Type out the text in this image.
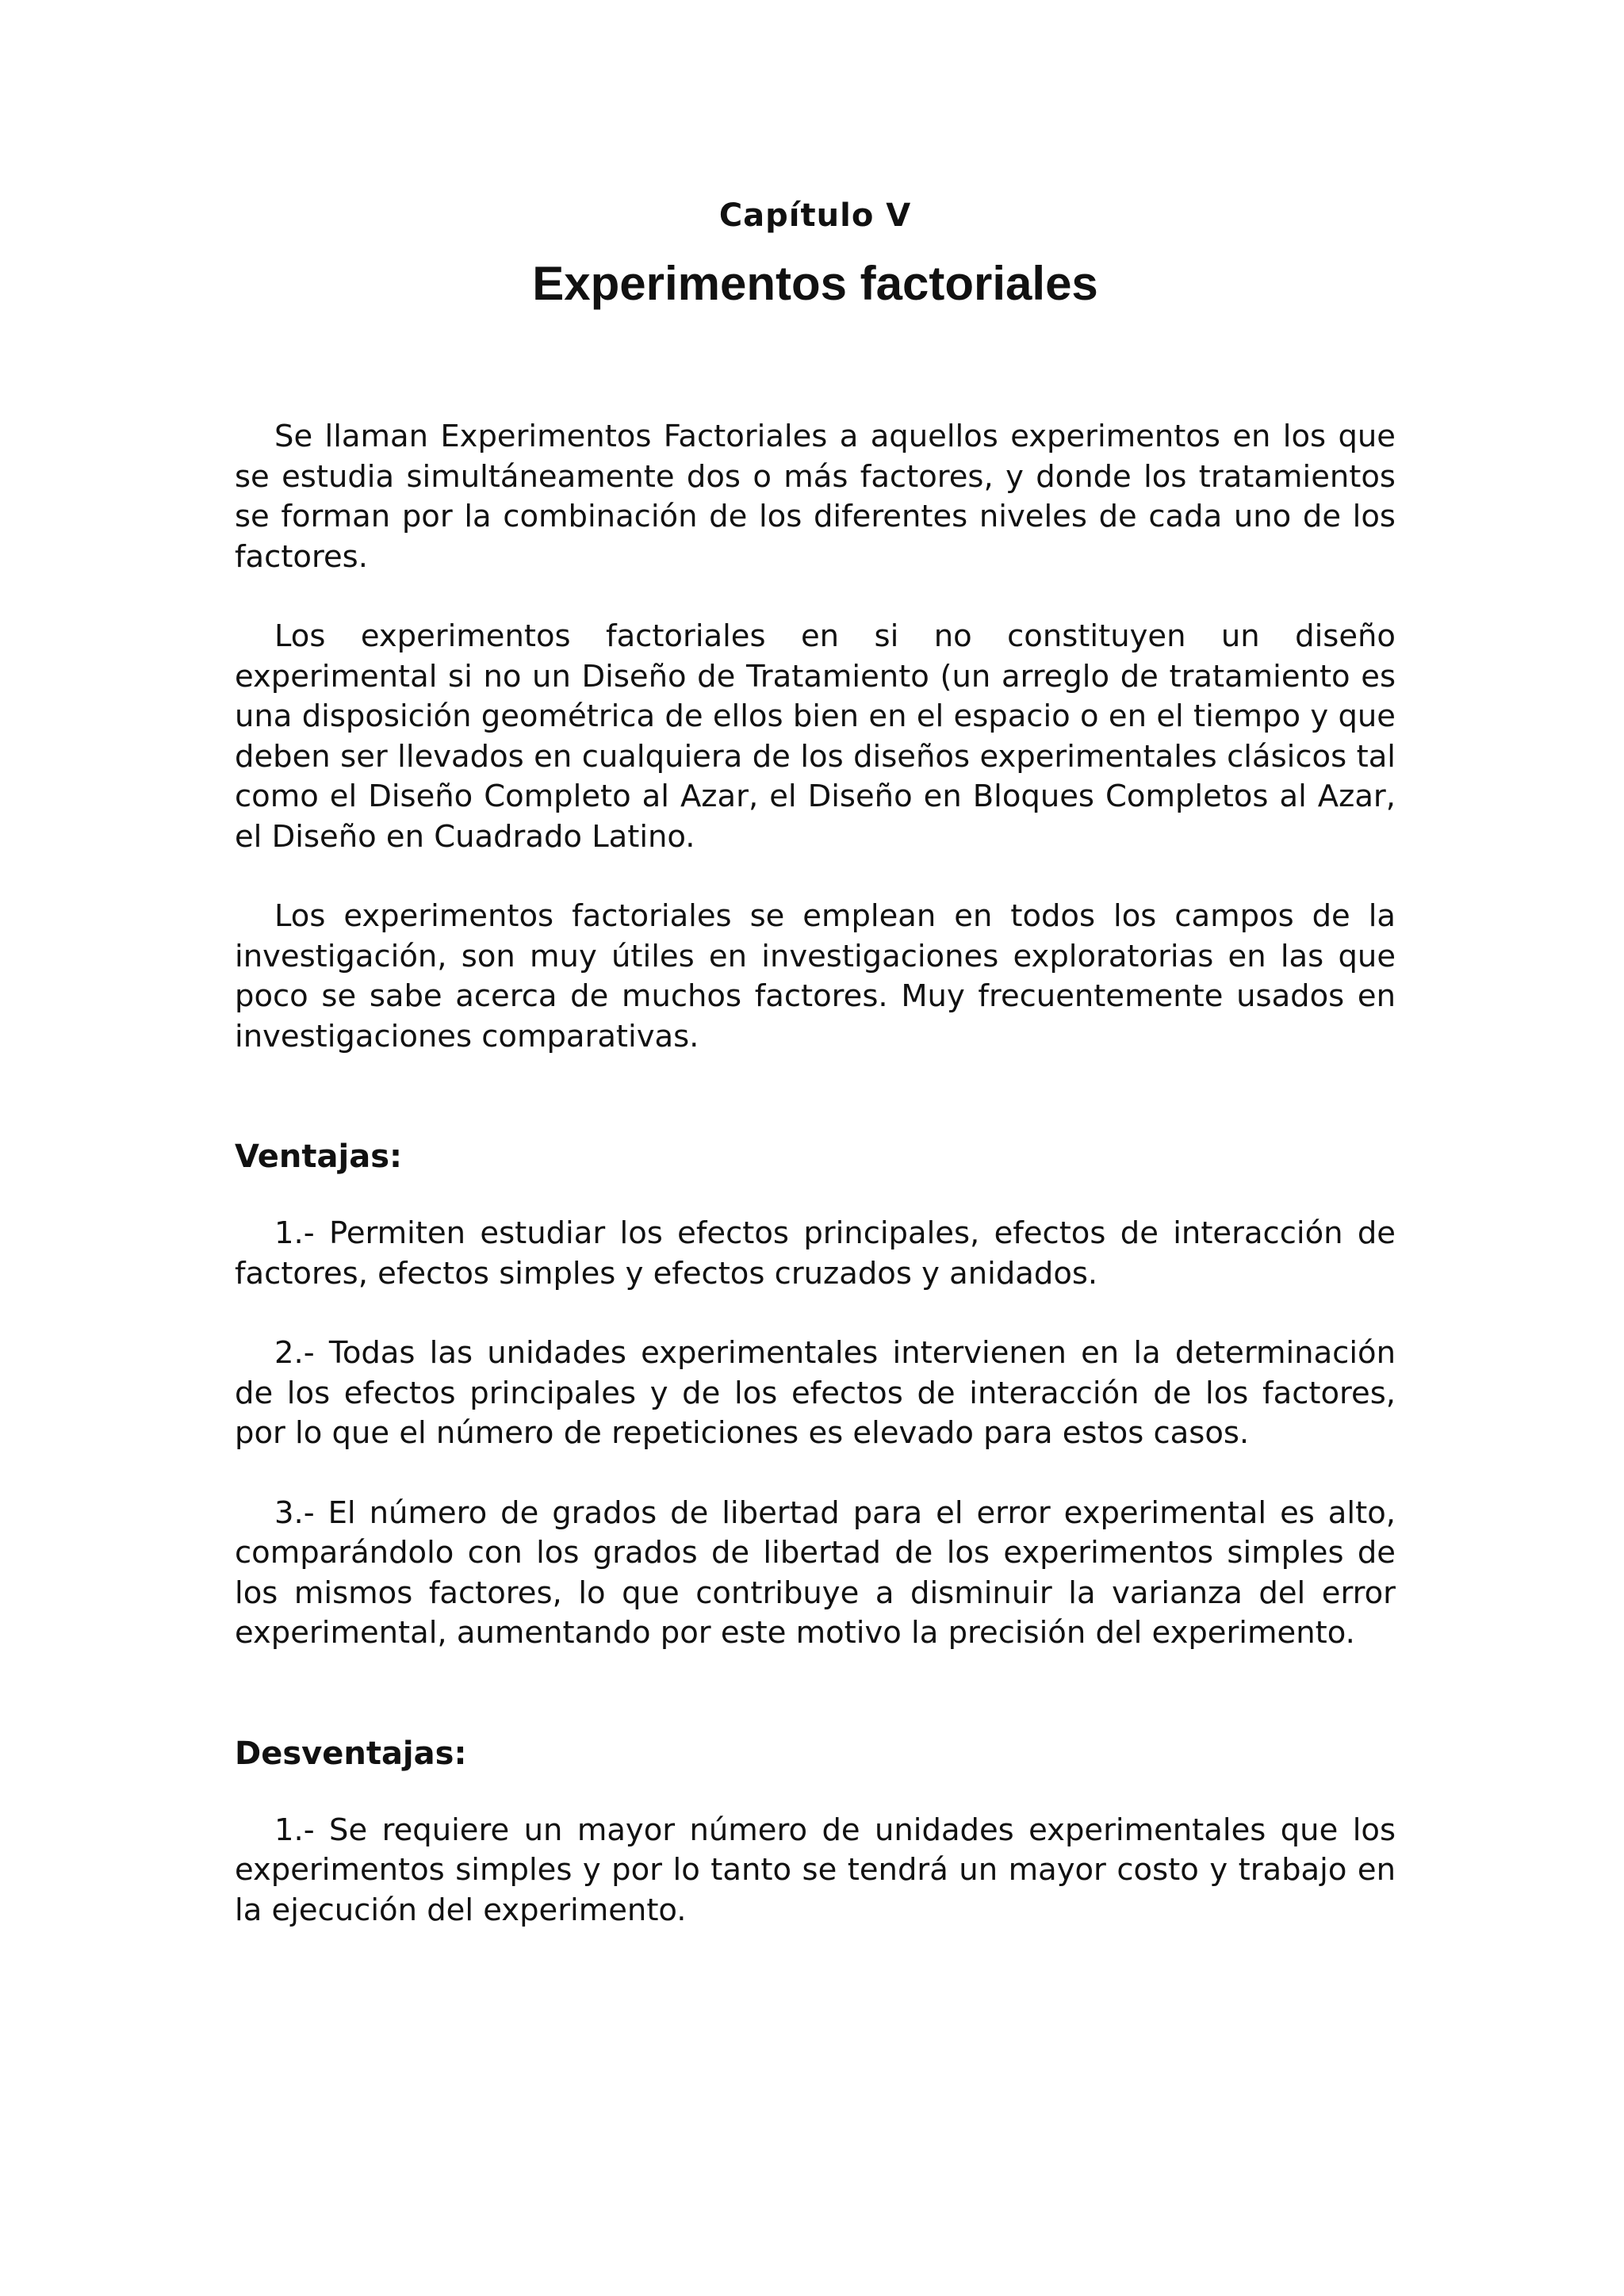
Capítulo V
Experimentos factoriales

Se llaman Experimentos Factoriales a aquellos experimentos en los que se estudia simultáneamente dos o más factores, y donde los tratamientos se forman por la combinación de los diferentes niveles de cada uno de los factores.

Los experimentos factoriales en si no constituyen un diseño experimental si no un Diseño de Tratamiento (un arreglo de tratamiento es una disposición geométrica de ellos bien en el espacio o en el tiempo y que deben ser llevados en cualquiera de los diseños experimentales clásicos tal como el Diseño Completo al Azar, el Diseño en Bloques Completos al Azar, el Diseño en Cuadrado Latino.

Los experimentos factoriales se emplean en todos los campos de la investigación, son muy útiles en investigaciones exploratorias en las que poco se sabe acerca de muchos factores. Muy frecuentemente usados en investigaciones comparativas.

Ventajas:

1.- Permiten estudiar los efectos principales, efectos de interacción de factores, efectos simples y efectos cruzados y anidados.

2.- Todas las unidades experimentales intervienen en la determinación de los efectos principales y de los efectos de interacción de los factores, por lo que el número de repeticiones es elevado para estos casos.

3.- El número de grados de libertad para el error experimental es alto, comparándolo con los grados de libertad de los experimentos simples de los mismos factores, lo que contribuye a disminuir la varianza del error experimental, aumentando por este motivo la precisión del experimento.

Desventajas:

1.- Se requiere un mayor número de unidades experimentales que los experimentos simples y por lo tanto se tendrá un mayor costo y trabajo en la ejecución del experimento.
